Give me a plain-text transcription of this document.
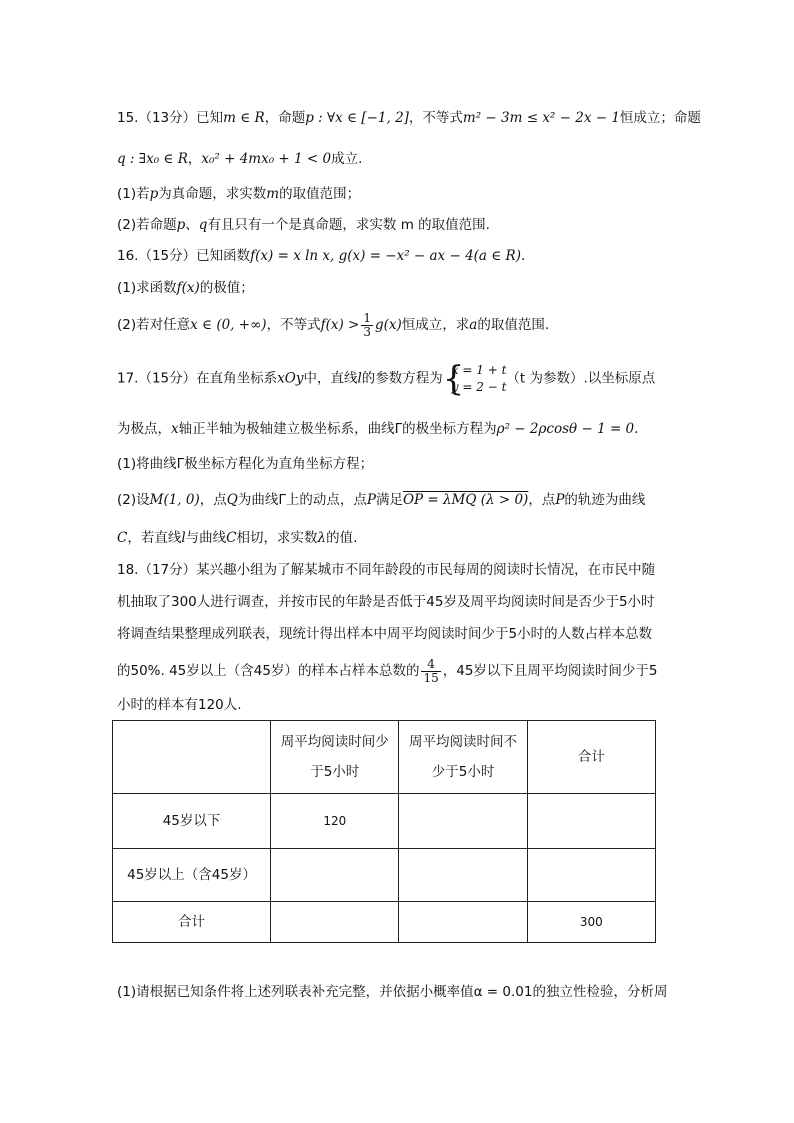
15.（13分）已知m ∈ R，命题p : ∀x ∈ [−1, 2]，不等式m² − 3m ≤ x² − 2x − 1恒成立；命题
q : ∃x₀ ∈ R，x₀² + 4mx₀ + 1 < 0成立.
(1)若p为真命题，求实数m的取值范围；
(2)若命题p、q有且只有一个是真命题，求实数 m 的取值范围.
16.（15分）已知函数f(x) = x ln x, g(x) = −x² − ax − 4(a ∈ R).
(1)求函数f(x)的极值；
(2)若对任意x ∈ (0, +∞)，不等式$f(x) > \frac{1}{3} g(x)$恒成立，求a的取值范围.
17.（15分）在直角坐标系xOy中，直线l的参数方程为 {
x = 1 + t
y = 2 − t
（t 为参数）.以坐标原点
为极点，x轴正半轴为极轴建立极坐标系，曲线Γ的极坐标方程为ρ² − 2ρcosθ − 1 = 0.
(1)将曲线Γ极坐标方程化为直角坐标方程；
(2)设M(1, 0)，点Q为曲线Γ上的动点，点P满足OP = λMQ (λ > 0)，点P的轨迹为曲线
C，若直线l与曲线C相切，求实数λ的值.
18.（17分）某兴趣小组为了解某城市不同年龄段的市民每周的阅读时长情况，在市民中随
机抽取了300人进行调查，并按市民的年龄是否低于45岁及周平均阅读时间是否少于5小时
将调查结果整理成列联表，现统计得出样本中周平均阅读时间少于5小时的人数占样本总数
的50%. 45岁以上（含45岁）的样本占样本总数的 $\frac{4}{15}$ ，45岁以下且周平均阅读时间少于5
小时的样本有120人.
	周平均阅读时间少于5小时	周平均阅读时间不少于5小时	合计
45岁以下	120		
45岁以上（含45岁）			
合计			300
(1)请根据已知条件将上述列联表补充完整，并依据小概率值α = 0.01的独立性检验，分析周
